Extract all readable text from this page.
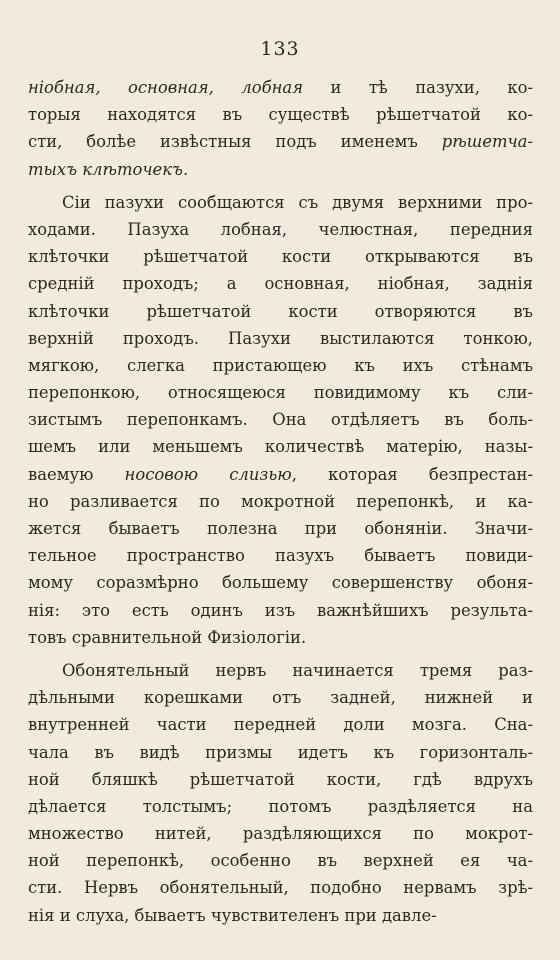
133
нiобная, основная, лобная и тѣ пазухи, ко-
торыя находятся въ существѣ рѣшетчатой ко-
сти, болѣе извѣстныя подъ именемъ рѣшетча-
тыхъ клѣточекъ.
Сiи пазухи сообщаются съ двумя верхними про-
ходами. Пазуха лобная, челюстная, передния
клѣточки рѣшетчатой кости открываются въ
среднiй проходъ; а основная, нiобная, заднiя
клѣточки рѣшетчатой кости отворяются въ
верхнiй проходъ. Пазухи выстилаются тонкою,
мягкою, слегка пристающею къ ихъ стѣнамъ
перепонкою, относящеюся повидимому къ сли-
зистымъ перепонкамъ. Она отдѣляетъ въ боль-
шемъ или меньшемъ количествѣ матерiю, назы-
ваемую носовою слизью, которая безпрестан-
но разливается по мокротной перепонкѣ, и ка-
жется бываетъ полезна при обонянiи. Значи-
тельное пространство пазухъ бываетъ повиди-
мому соразмѣрно большему совершенству обоня-
нiя: это есть одинъ изъ важнѣйшихъ результа-
товъ сравнительной Физiологiи.
Обонятельный нервъ начинается тремя раз-
дѣльными корешками отъ задней, нижней и
внутренней части передней доли мозга. Сна-
чала въ видѣ призмы идетъ къ горизонталь-
ной бляшкѣ рѣшетчатой кости, гдѣ вдрухъ
дѣлается толстымъ; потомъ раздѣляется на
множество нитей, раздѣляющихся по мокрот-
ной перепонкѣ, особенно въ верхней ея ча-
сти. Нервъ обонятельный, подобно нервамъ зрѣ-
нiя и слуха, бываетъ чувствителенъ при давле-
